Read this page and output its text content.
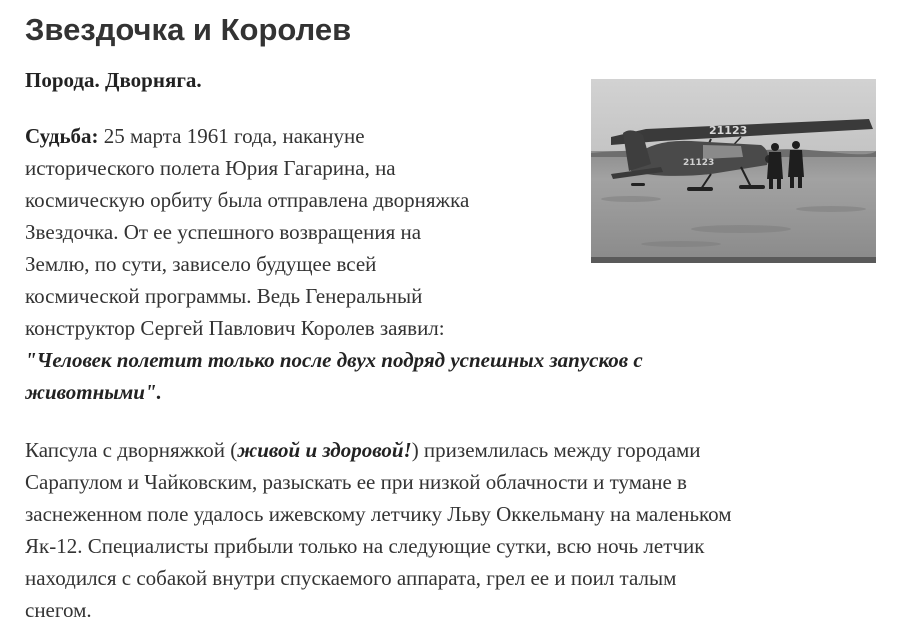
Звездочка и Королев

Порода. Дворняга.

21123
21123
Судьба: 25 марта 1961 года, накануне
исторического полета Юрия Гагарина, на
космическую орбиту была отправлена дворняжка
Звездочка. От ее успешного возвращения на
Землю, по сути, зависело будущее всей
космической программы. Ведь Генеральный
конструктор Сергей Павлович Королев заявил:
"Человек полетит только после двух подряд успешных запусков с
животными".
Капсула с дворняжкой (живой и здоровой!) приземлилась между городами
Сарапулом и Чайковским, разыскать ее при низкой облачности и тумане в
заснеженном поле удалось ижевскому летчику Льву Оккельману на маленьком
Як-12. Специалисты прибыли только на следующие сутки, всю ночь летчик
находился с собакой внутри спускаемого аппарата, грел ее и поил талым
снегом.
